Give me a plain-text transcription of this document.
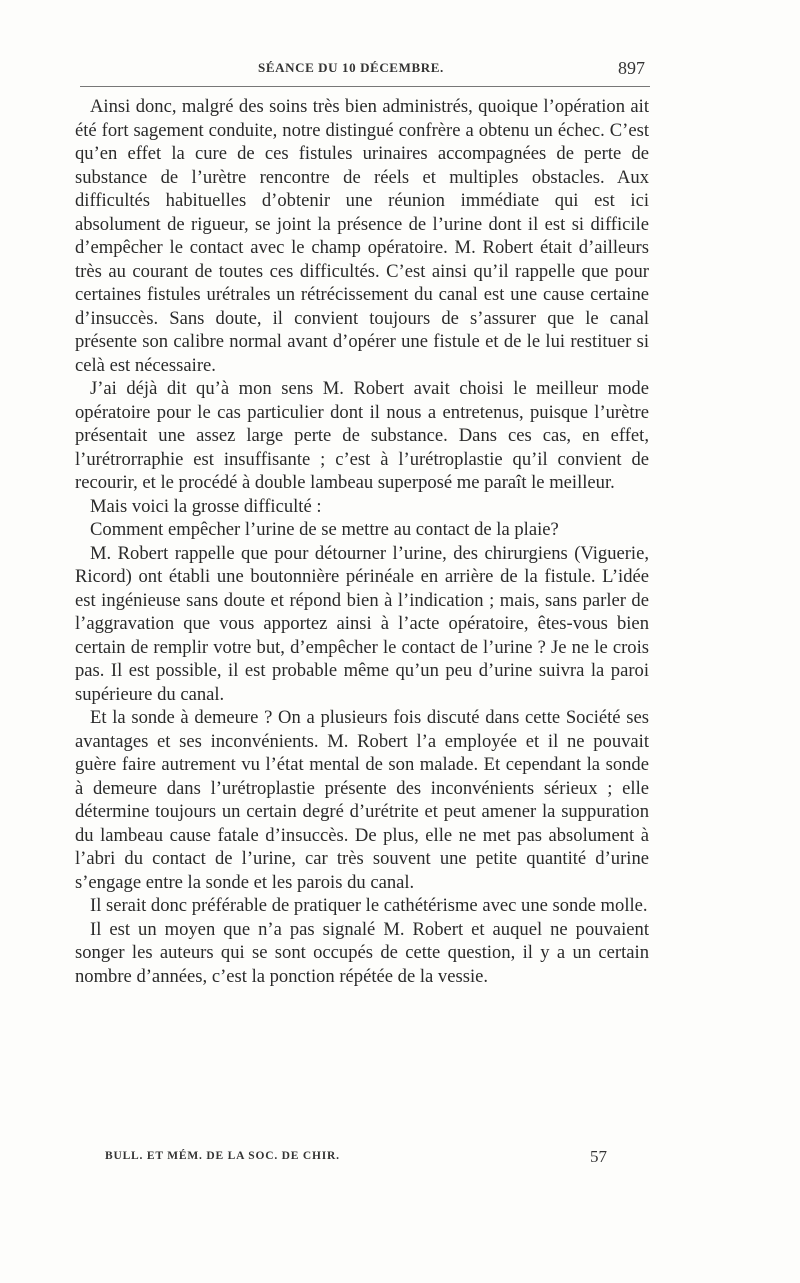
SÉANCE DU 10 DÉCEMBRE.	897

Ainsi donc, malgré des soins très bien administrés, quoique l’opération ait été fort sagement conduite, notre distingué confrère a obtenu un échec. C’est qu’en effet la cure de ces fistules urinaires accompagnées de perte de substance de l’urètre rencontre de réels et multiples obstacles. Aux difficultés habituelles d’obtenir une réunion immédiate qui est ici absolument de rigueur, se joint la présence de l’urine dont il est si difficile d’empêcher le contact avec le champ opératoire. M. Robert était d’ailleurs très au courant de toutes ces difficultés. C’est ainsi qu’il rappelle que pour certaines fistules urétrales un rétrécissement du canal est une cause certaine d’insuccès. Sans doute, il convient toujours de s’assurer que le canal présente son calibre normal avant d’opérer une fistule et de le lui restituer si celà est nécessaire.

J’ai déjà dit qu’à mon sens M. Robert avait choisi le meilleur mode opératoire pour le cas particulier dont il nous a entretenus, puisque l’urètre présentait une assez large perte de substance. Dans ces cas, en effet, l’urétrorraphie est insuffisante ; c’est à l’urétroplastie qu’il convient de recourir, et le procédé à double lambeau superposé me paraît le meilleur.

Mais voici la grosse difficulté :

Comment empêcher l’urine de se mettre au contact de la plaie?

M. Robert rappelle que pour détourner l’urine, des chirurgiens (Viguerie, Ricord) ont établi une boutonnière périnéale en arrière de la fistule. L’idée est ingénieuse sans doute et répond bien à l’indication ; mais, sans parler de l’aggravation que vous apportez ainsi à l’acte opératoire, êtes-vous bien certain de remplir votre but, d’empêcher le contact de l’urine ? Je ne le crois pas. Il est possible, il est probable même qu’un peu d’urine suivra la paroi supérieure du canal.

Et la sonde à demeure ? On a plusieurs fois discuté dans cette Société ses avantages et ses inconvénients. M. Robert l’a employée et il ne pouvait guère faire autrement vu l’état mental de son malade. Et cependant la sonde à demeure dans l’urétroplastie présente des inconvénients sérieux ; elle détermine toujours un certain degré d’urétrite et peut amener la suppuration du lambeau cause fatale d’insuccès. De plus, elle ne met pas absolument à l’abri du contact de l’urine, car très souvent une petite quantité d’urine s’engage entre la sonde et les parois du canal.

Il serait donc préférable de pratiquer le cathétérisme avec une sonde molle.

Il est un moyen que n’a pas signalé M. Robert et auquel ne pouvaient songer les auteurs qui se sont occupés de cette question, il y a un certain nombre d’années, c’est la ponction répétée de la vessie.

BULL. ET MÉM. DE LA SOC. DE CHIR.	57
